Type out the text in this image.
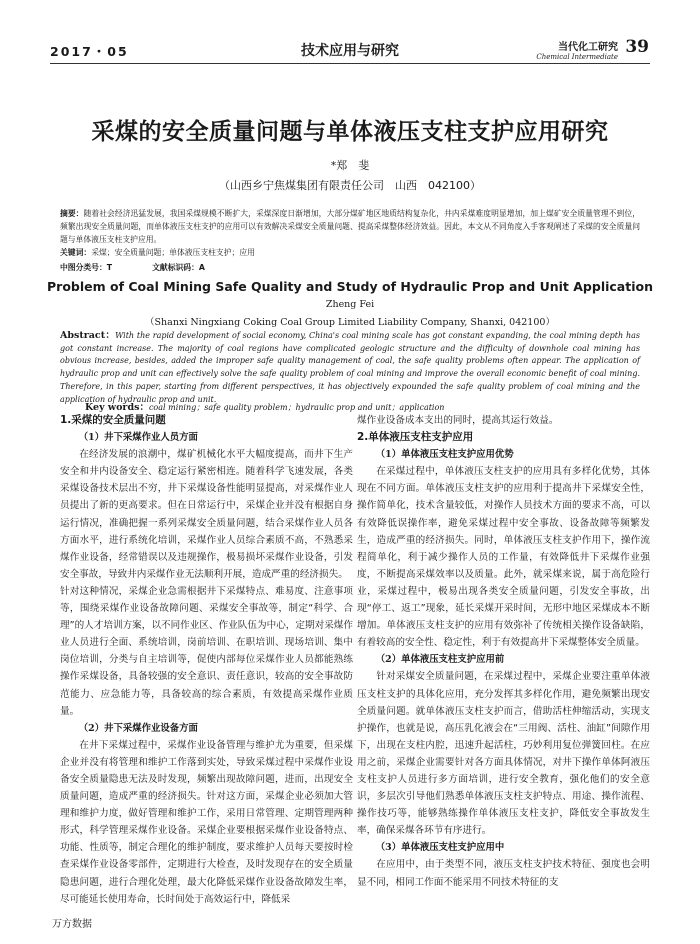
2017・05	技术应用与研究	当代化工研究
Chemical Intermediate 39
采煤的安全质量问题与单体液压支柱支护应用研究
*郑　斐
（山西乡宁焦煤集团有限责任公司　山西　042100）
摘要：随着社会经济迅猛发展，我国采煤规模不断扩大，采煤深度日渐增加，大部分煤矿地区地质结构复杂化，井内采煤难度明显增加，加上煤矿安全质量管理不到位，频繁出现安全质量问题，而单体液压支柱支护的应用可以有效解决采煤安全质量问题、提高采煤整体经济效益。因此，本文从不同角度入手客观阐述了采煤的安全质量问题与单体液压支柱支护应用。
关键词：采煤；安全质量问题；单体液压支柱支护；应用
中图分类号：T	文献标识码：A
Problem of Coal Mining Safe Quality and Study of Hydraulic Prop and Unit Application
Zheng Fei
（Shanxi Ningxiang Coking Coal Group Limited Liability Company, Shanxi, 042100）
Abstract：With the rapid development of social economy, China's coal mining scale has got constant expanding, the coal mining depth has got constant increase. The majority of coal regions have complicated geologic structure and the difficulty of downhole coal mining has obvious increase, besides, added the improper safe quality management of coal, the safe quality problems often appear. The application of hydraulic prop and unit can effectively solve the safe quality problem of coal mining and improve the overall economic benefit of coal mining. Therefore, in this paper, starting from different perspectives, it has objectively expounded the safe quality problem of coal mining and the application of hydraulic prop and unit.
Key words：coal mining；safe quality problem；hydraulic prop and unit；application

1.采煤的安全质量问题

（1）井下采煤作业人员方面

在经济发展的浪潮中，煤矿机械化水平大幅度提高，而井下生产安全和井内设备安全、稳定运行紧密相连。随着科学飞速发展，各类采煤设备技术层出不穷，井下采煤设备性能明显提高，对采煤作业人员提出了新的更高要求。但在日常运行中，采煤企业并没有根据自身运行情况，准确把握一系列采煤安全质量问题，结合采煤作业人员各方面水平，进行系统化培训，采煤作业人员综合素质不高，不熟悉采煤作业设备，经常错误以及违规操作，极易损坏采煤作业设备，引发安全事故，导致井内采煤作业无法顺利开展，造成严重的经济损失。

针对这种情况，采煤企业急需根据井下采煤特点、难易度、注意事项等，围绕采煤作业设备故障问题、采煤安全事故等，制定“科学、合理”的人才培训方案，以不同作业区、作业队伍为中心，定期对采煤作业人员进行全面、系统培训，岗前培训、在职培训、现场培训、集中岗位培训，分类与自主培训等，促使内部每位采煤作业人员都能熟练操作采煤设备，具备较强的安全意识、责任意识，较高的安全事故防范能力、应急能力等，具备较高的综合素质，有效提高采煤作业质量。

（2）井下采煤作业设备方面

在井下采煤过程中，采煤作业设备管理与维护尤为重要，但采煤企业并没有将管理和维护工作落到实处，导致采煤过程中采煤作业设备安全质量隐患无法及时发现，频繁出现故障问题，进而，出现安全质量问题，造成严重的经济损失。针对这方面，采煤企业必须加大管理和维护力度，做好管理和维护工作，采用日常管理、定期管理两种形式，科学管理采煤作业设备。采煤企业要根据采煤作业设备特点、功能、性质等，制定合理化的维护制度，要求维护人员每天要按时检查采煤作业设备零部件，定期进行大检查，及时发现存在的安全质量隐患问题，进行合理化处理，最大化降低采煤作业设备故障发生率，尽可能延长使用寿命，长时间处于高效运行中，降低采

煤作业设备成本支出的同时，提高其运行效益。

2.单体液压支柱支护应用

（1）单体液压支柱支护应用优势

在采煤过程中，单体液压支柱支护的应用具有多样化优势，其体现在不同方面。单体液压支柱支护的应用利于提高井下采煤安全性，操作简单化，技术含量较低，对操作人员技术方面的要求不高，可以有效降低误操作率，避免采煤过程中安全事故、设备故障等频繁发生，造成严重的经济损失。同时，单体液压支柱支护作用下，操作流程简单化，利于减少操作人员的工作量，有效降低井下采煤作业强度，不断提高采煤效率以及质量。此外，就采煤来说，属于高危险行业，采煤过程中，极易出现各类安全质量问题，引发安全事故，出现“停工、返工”现象，延长采煤开采时间，无形中地区采煤成本不断增加。单体液压支柱支护的应用有效弥补了传统相关操作设备缺陷，有着较高的安全性、稳定性，利于有效提高井下采煤整体安全质量。

（2）单体液压支柱支护应用前

针对采煤安全质量问题，在采煤过程中，采煤企业要注重单体液压支柱支护的具体化应用，充分发挥其多样化作用，避免频繁出现安全质量问题。就单体液压支柱支护而言，借助活柱伸缩活动，实现支护操作，也就是说，高压乳化液会在“三用阀、活柱、油缸”间隙作用下，出现在支柱内腔，迅速升起活柱，巧妙利用复位弹簧回柱。在应用之前，采煤企业需要针对各方面具体情况，对井下操作单体阿液压支柱支护人员进行多方面培训，进行安全教育，强化他们的安全意识，多层次引导他们熟悉单体液压支柱支护特点、用途、操作流程、操作技巧等，能够熟练操作单体液压支柱支护，降低安全事故发生率，确保采煤各环节有序进行。

（3）单体液压支柱支护应用中

在应用中，由于类型不同，液压支柱支护技术特征、强度也会明显不同，相同工作面不能采用不同技术特征的支

万方数据
